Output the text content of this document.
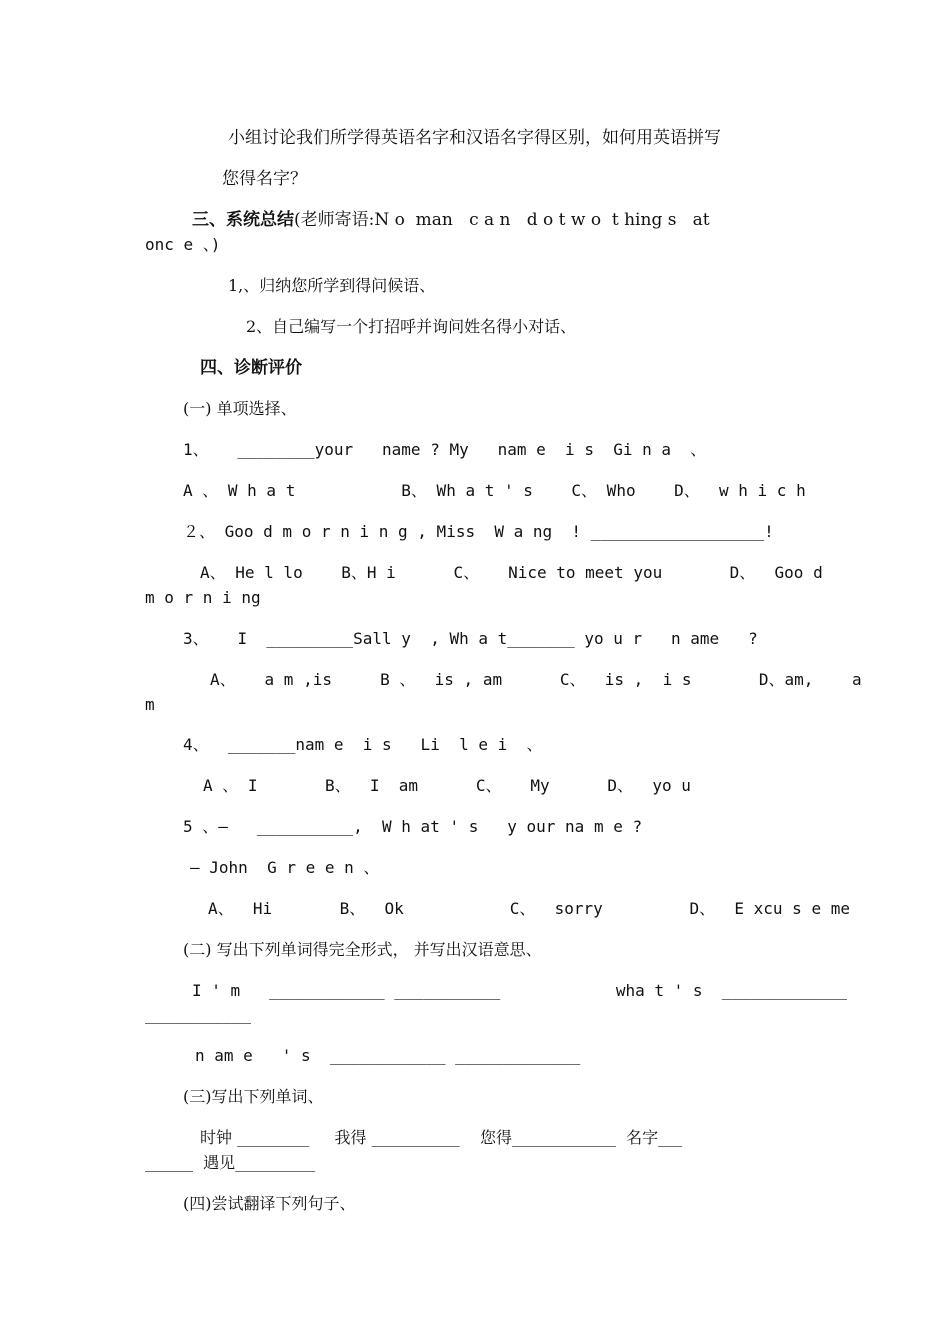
小组讨论我们所学得英语名字和汉语名字得区别，如何用英语拼写
您得名字？
三、系统总结(老师寄语:N o  man   c a n   d o t w o  t hing s   at
onc e 、)
1,、归纳您所学到得问候语、
2、自己编写一个打招呼并询问姓名得小对话、
四、诊断评价
(一) 单项选择、
1、   ________your   name ? My   nam e  i s  Gi n a  、
A 、 W h a t           B、 Wh a t ' s    C、 Who    D、  w h i c h
２、 Goo d m o r n i n g , Miss  W a ng  ! __________________!
A、 He l lo    B、H i      C、   Nice to meet you       D、  Goo d
m o r n i ng
3、   I  _________Sall y  , Wh a t_______ yo u r   n ame   ?
A、   a m ,is     B 、  is , am      C、  is ,  i s       D、am,    a
m
4、  _______nam e  i s   Li  l e i  、
A 、 I       B、  I  am      C、   My      D、  yo u
5 、—   __________,  W h at ' s   y our na m e ?
— John  G r e e n 、
A、  Hi       B、  Ok           C、  sorry         D、  E xcu s e me
(二) 写出下列单词得完全形式， 并写出汉语意思、
I ' m   ____________ ___________            wha t ' s  _____________
___________
n am e   ' s  ____________ _____________
(三)写出下列单词、
时钟 _________     我得 ___________    您得_____________  名字___
______  遇见__________
(四)尝试翻译下列句子、
